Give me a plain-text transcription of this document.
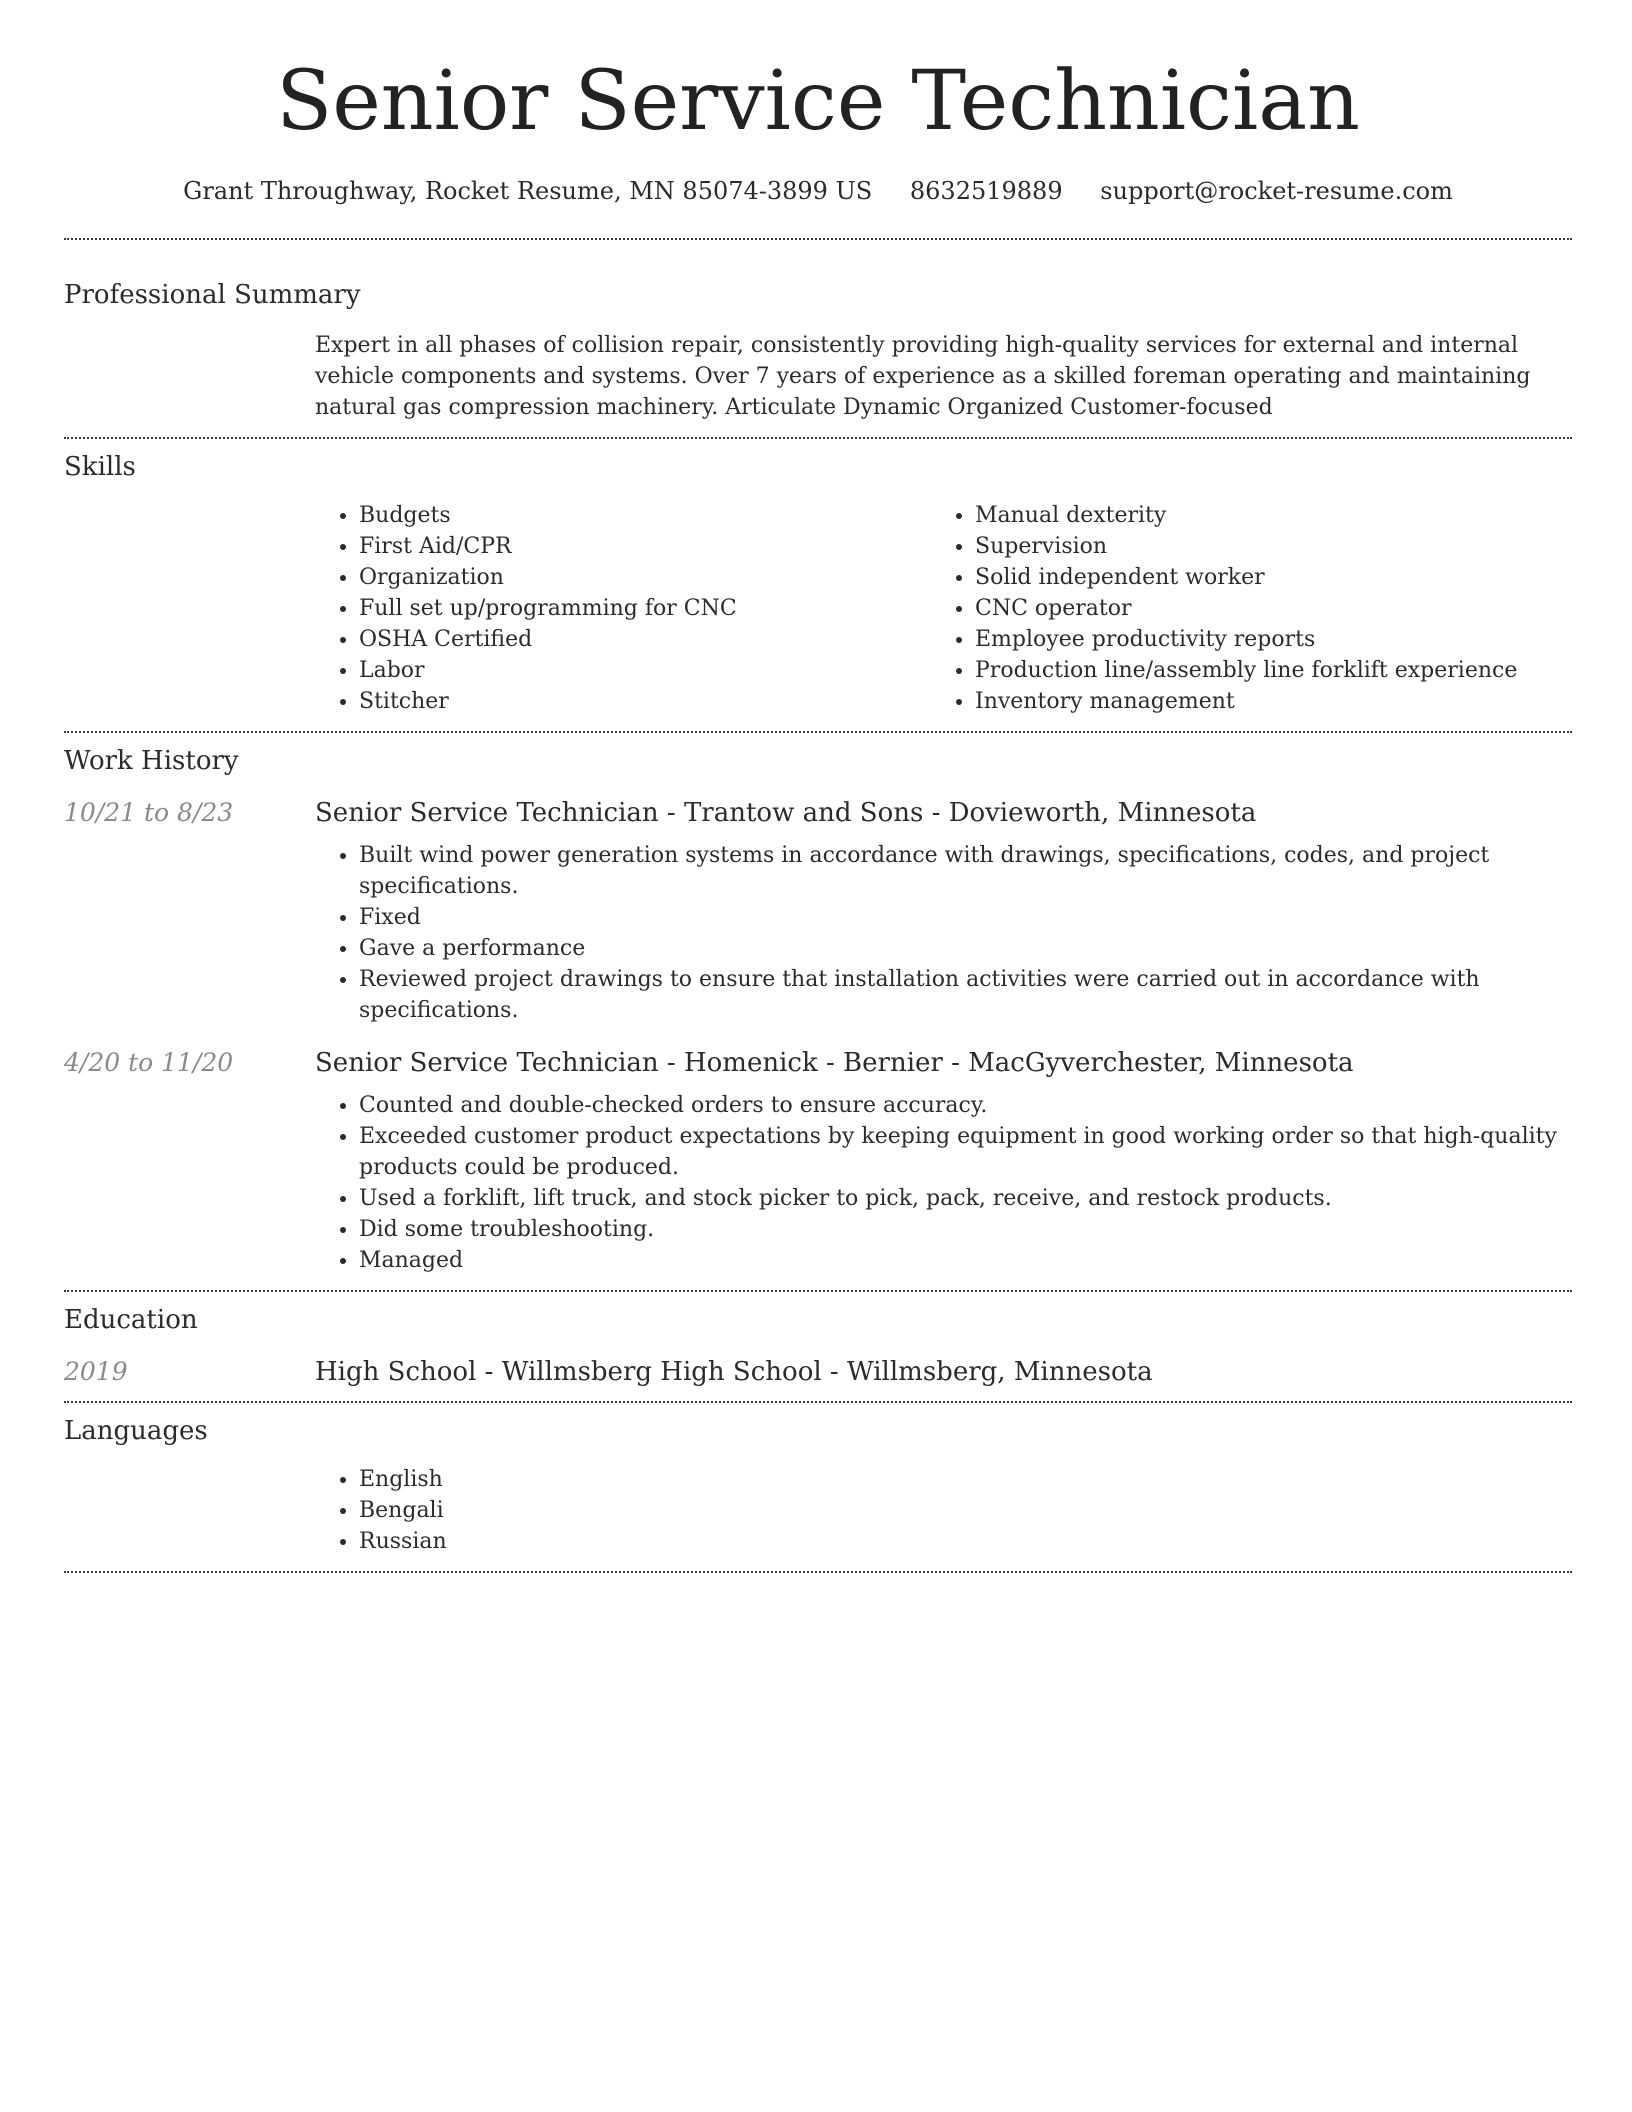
Senior Service Technician
Grant Throughway, Rocket Resume, MN 85074-3899 US 8632519889 support@rocket-resume.com
Professional Summary
Expert in all phases of collision repair, consistently providing high-quality services for external and internal vehicle components and systems. Over 7 years of experience as a skilled foreman operating and maintaining natural gas compression machinery. Articulate Dynamic Organized Customer-focused
Skills
• Budgets
• First Aid/CPR
• Organization
• Full set up/programming for CNC
• OSHA Certified
• Labor
• Stitcher
• Manual dexterity
• Supervision
• Solid independent worker
• CNC operator
• Employee productivity reports
• Production line/assembly line forklift experience
• Inventory management
Work History
10/21 to 8/23	Senior Service Technician - Trantow and Sons - Dovieworth, Minnesota
• Built wind power generation systems in accordance with drawings, specifications, codes, and project specifications.
• Fixed
• Gave a performance
• Reviewed project drawings to ensure that installation activities were carried out in accordance with specifications.
4/20 to 11/20	Senior Service Technician - Homenick - Bernier - MacGyverchester, Minnesota
• Counted and double-checked orders to ensure accuracy.
• Exceeded customer product expectations by keeping equipment in good working order so that high-quality products could be produced.
• Used a forklift, lift truck, and stock picker to pick, pack, receive, and restock products.
• Did some troubleshooting.
• Managed
Education
2019	High School - Willmsberg High School - Willmsberg, Minnesota
Languages
• English
• Bengali
• Russian
